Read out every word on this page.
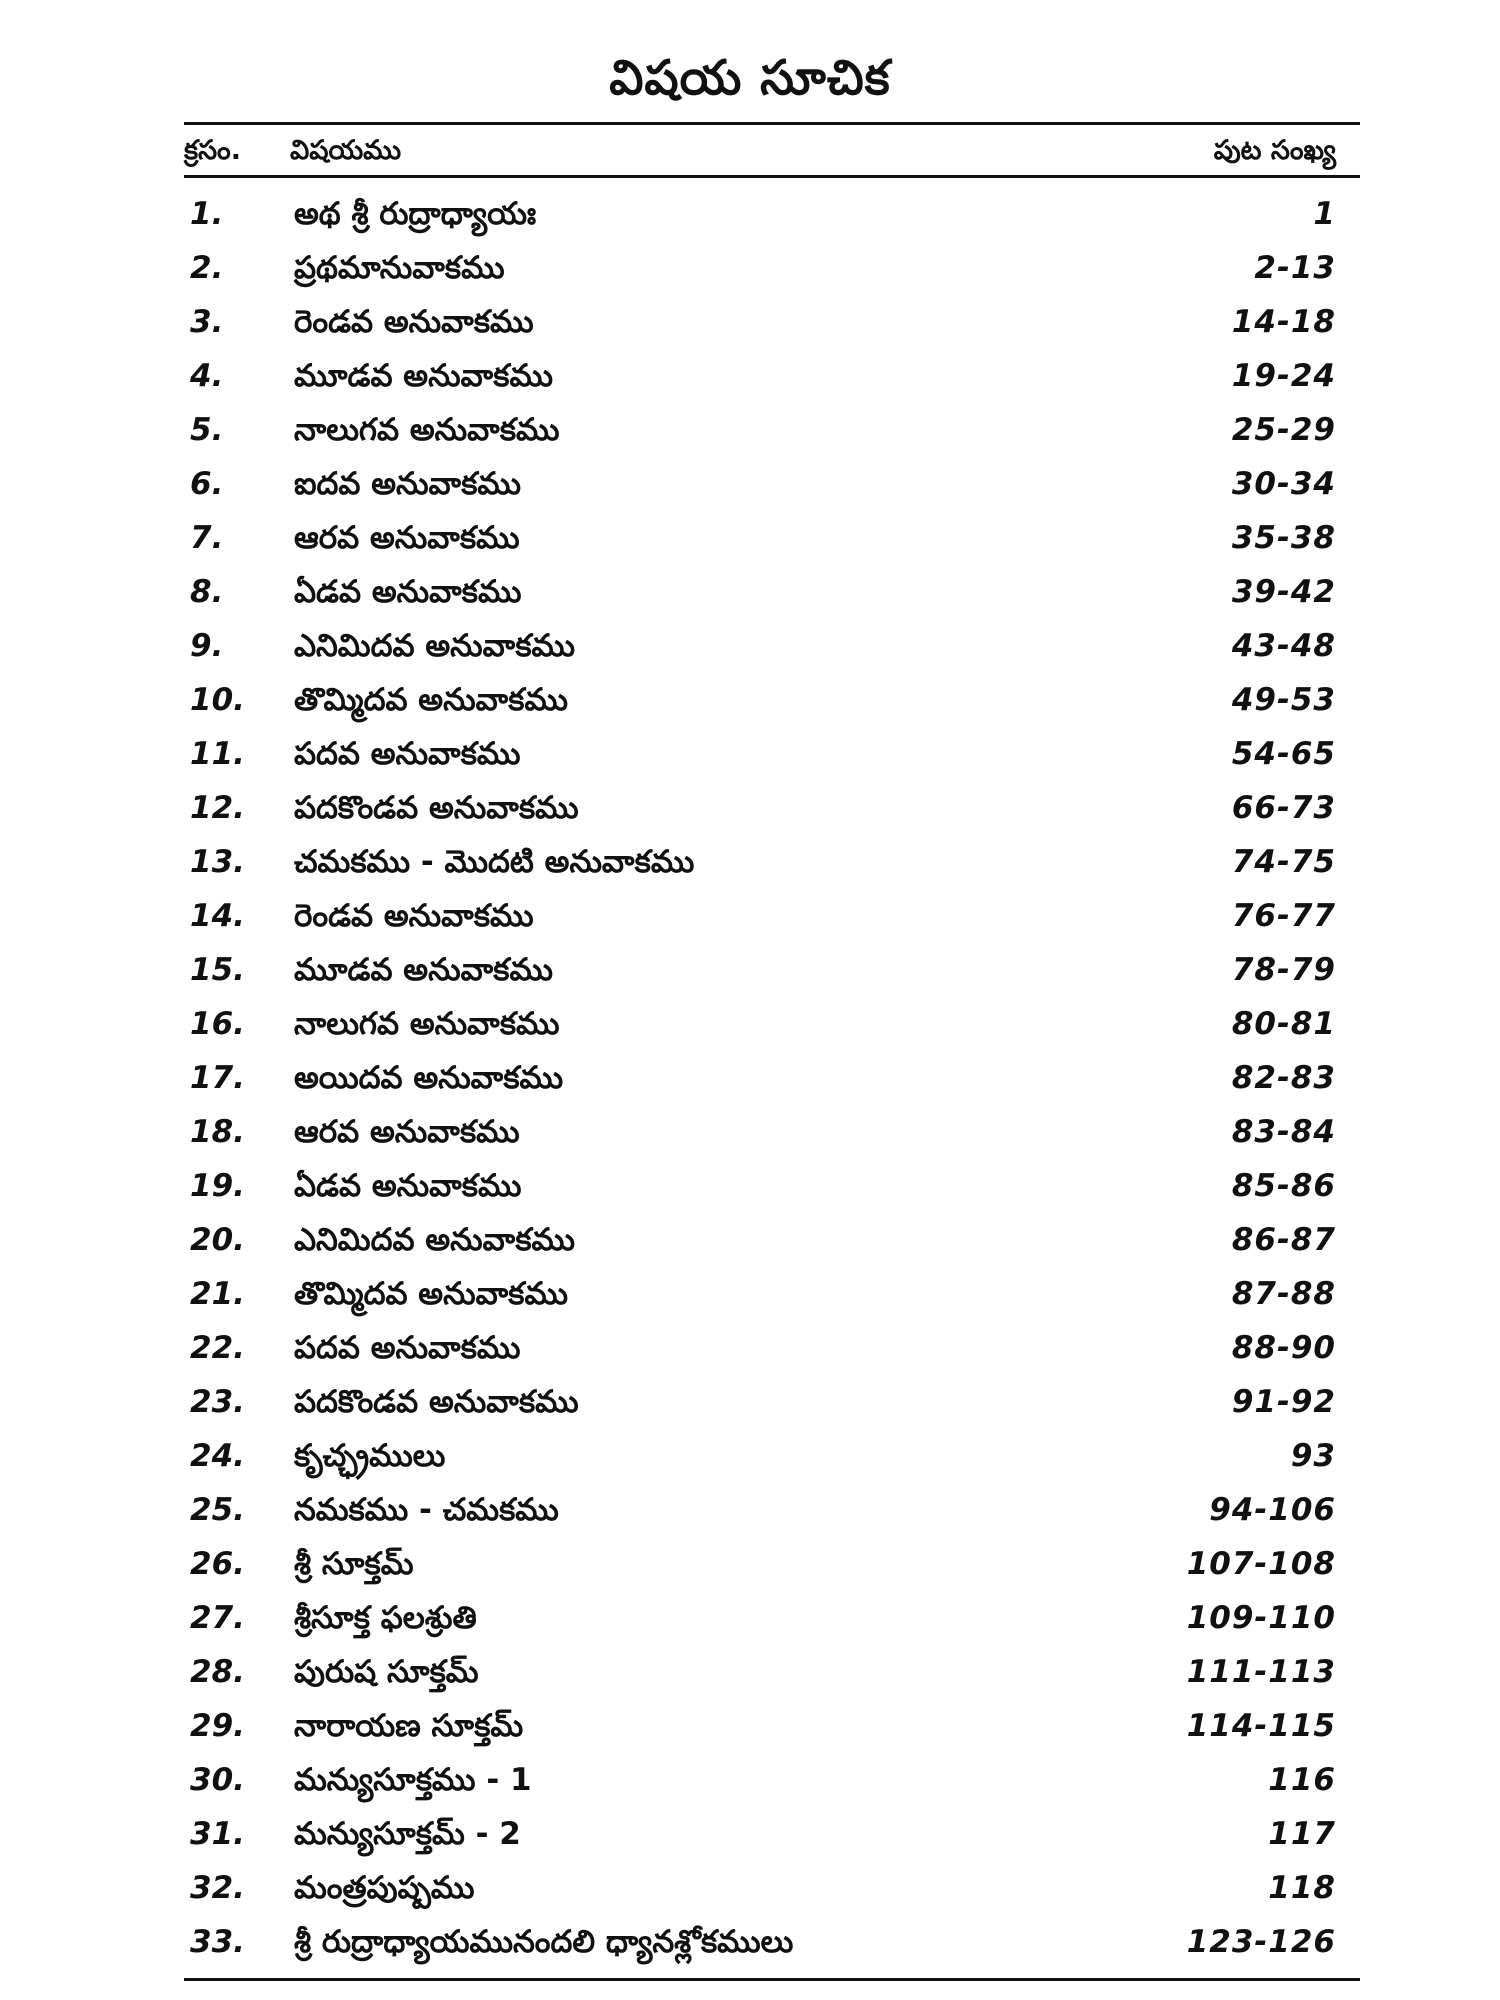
విషయ సూచిక
క్రసం. విషయము	పుట సంఖ్య
1. అథ శ్రీ రుద్రాధ్యాయః	1
2. ప్రథమానువాకము	2-13
3. రెండవ అనువాకము	14-18
4. మూడవ అనువాకము	19-24
5. నాలుగవ అనువాకము	25-29
6. ఐదవ అనువాకము	30-34
7. ఆరవ అనువాకము	35-38
8. ఏడవ అనువాకము	39-42
9. ఎనిమిదవ అనువాకము	43-48
10. తొమ్మిదవ అనువాకము	49-53
11. పదవ అనువాకము	54-65
12. పదకొండవ అనువాకము	66-73
13. చమకము - మొదటి అనువాకము	74-75
14. రెండవ అనువాకము	76-77
15. మూడవ అనువాకము	78-79
16. నాలుగవ అనువాకము	80-81
17. అయిదవ అనువాకము	82-83
18. ఆరవ అనువాకము	83-84
19. ఏడవ అనువాకము	85-86
20. ఎనిమిదవ అనువాకము	86-87
21. తొమ్మిదవ అనువాకము	87-88
22. పదవ అనువాకము	88-90
23. పదకొండవ అనువాకము	91-92
24. కృచ్ఛ్రములు	93
25. నమకము - చమకము	94-106
26. శ్రీ సూక్తమ్	107-108
27. శ్రీసూక్త ఫలశ్రుతి	109-110
28. పురుష సూక్తమ్	111-113
29. నారాయణ సూక్తమ్	114-115
30. మన్యుసూక్తము - 1	116
31. మన్యుసూక్తమ్ - 2	117
32. మంత్రపుష్పము	118
33. శ్రీ రుద్రాధ్యాయమునందలి ధ్యానశ్లోకములు	123-126
